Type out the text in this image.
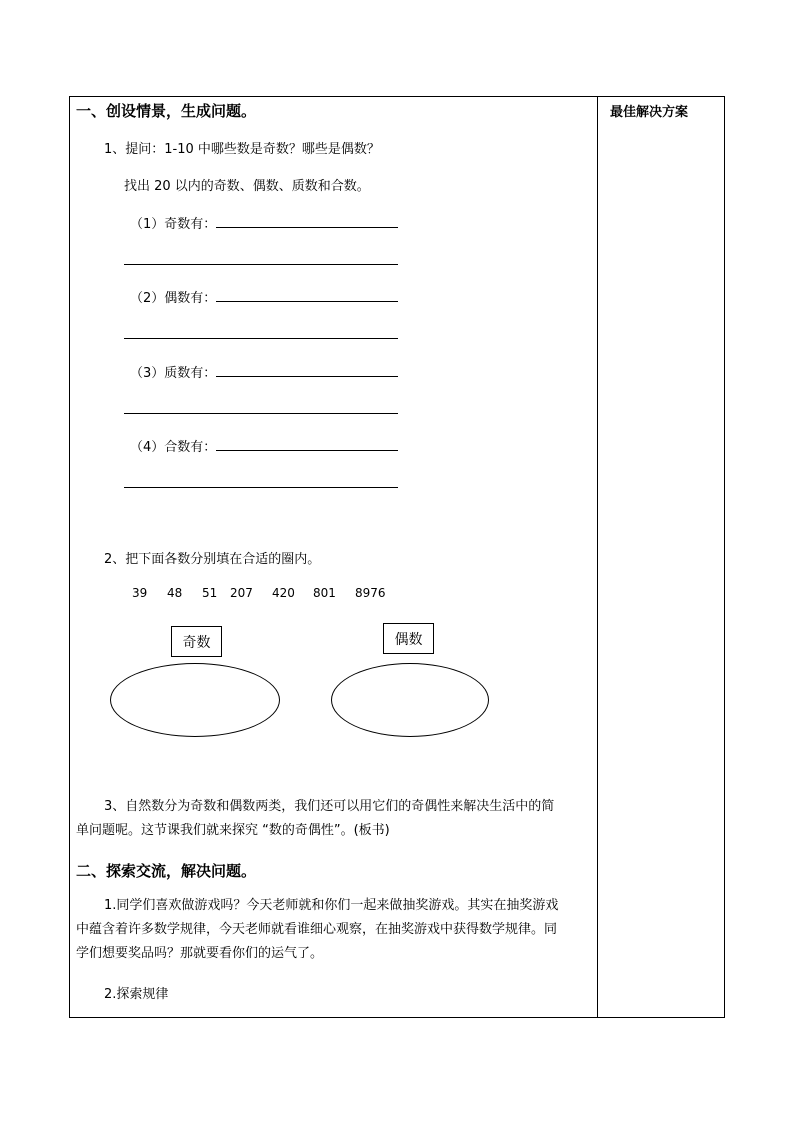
最佳解决方案
一、创设情景，生成问题。
1、提问：1-10 中哪些数是奇数？哪些是偶数？
找出 20 以内的奇数、偶数、质数和合数。
（1）奇数有：
（2）偶数有：
（3）质数有：
（4）合数有：
2、把下面各数分别填在合适的圈内。
39 48 51 207 420 801 8976
奇数	偶数
3、自然数分为奇数和偶数两类，我们还可以用它们的奇偶性来解决生活中的简
单问题呢。这节课我们就来探究 “数的奇偶性”。(板书)
二、探索交流，解决问题。
1.同学们喜欢做游戏吗？今天老师就和你们一起来做抽奖游戏。其实在抽奖游戏
中蕴含着许多数学规律，今天老师就看谁细心观察，在抽奖游戏中获得数学规律。同
学们想要奖品吗？那就要看你们的运气了。
2.探索规律
